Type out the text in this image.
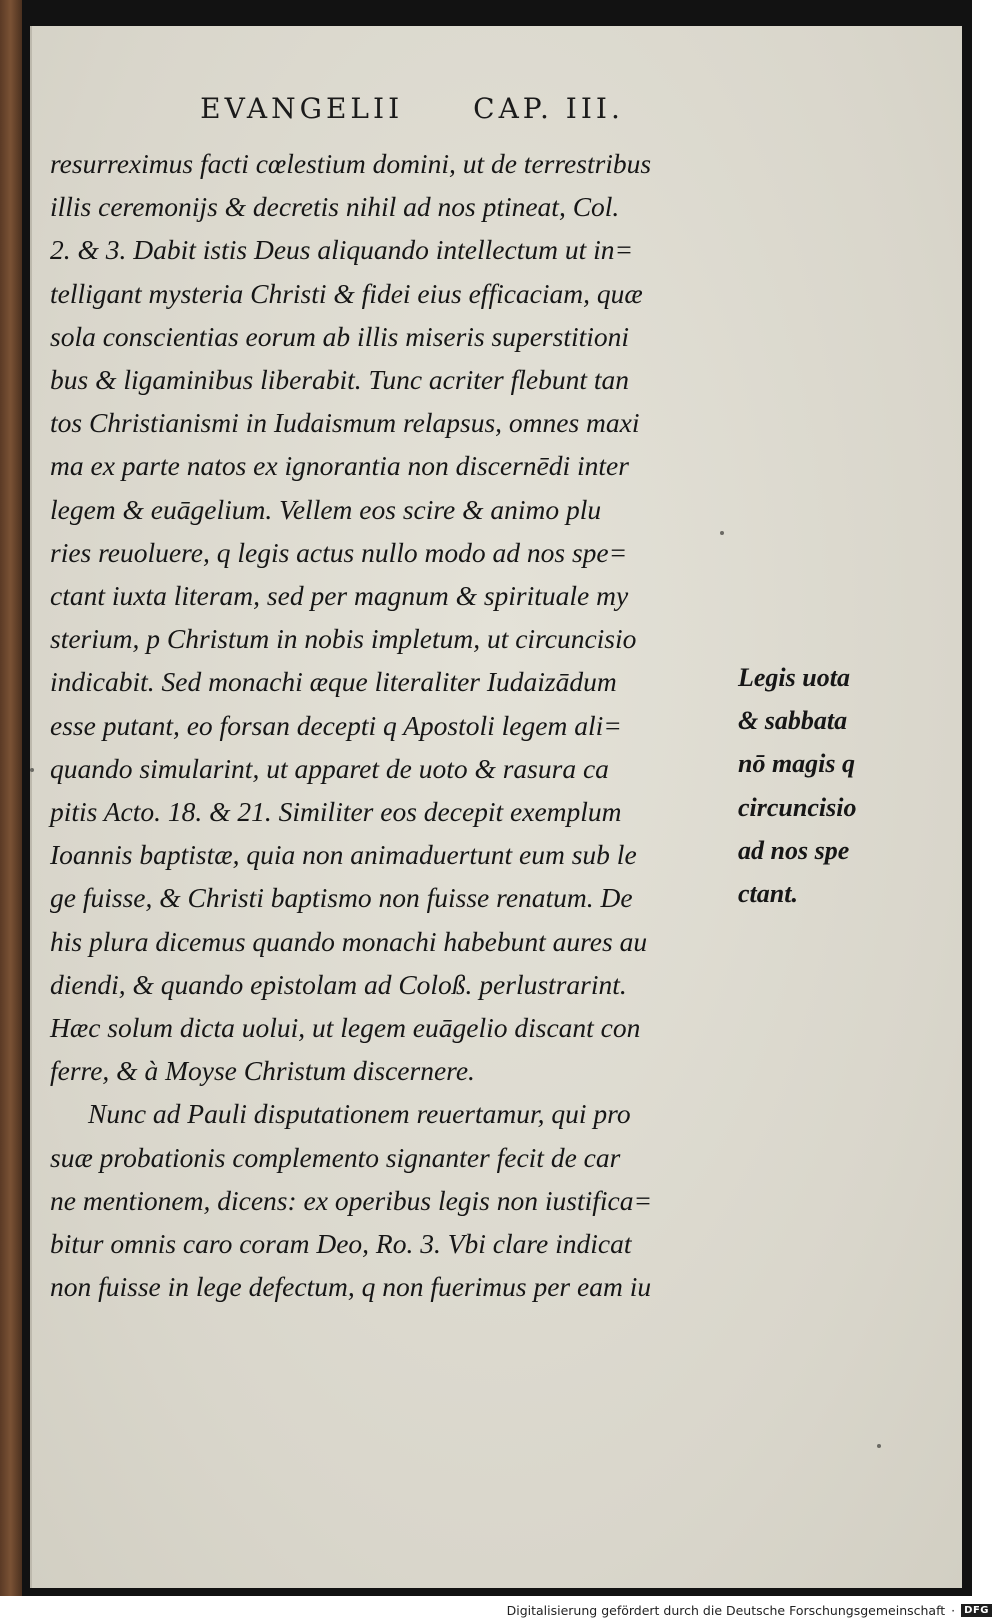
EVANGELII	CAP. III.
resurreximus facti cœlestium domini, ut de terrestribus
illis ceremonijs & decretis nihil ad nos ptineat, Col.
2. & 3. Dabit istis Deus aliquando intellectum ut in=
telligant mysteria Christi & fidei eius efficaciam, quæ
sola conscientias eorum ab illis miseris superstitioni
bus & ligaminibus liberabit. Tunc acriter flebunt tan
tos Christianismi in Iudaismum relapsus, omnes maxi
ma ex parte natos ex ignorantia non discernēdi inter
legem & euāgelium. Vellem eos scire & animo plu
ries reuoluere, q legis actus nullo modo ad nos spe=
ctant iuxta literam, sed per magnum & spirituale my
sterium, p Christum in nobis impletum, ut circuncisio
indicabit. Sed monachi æque literaliter Iudaizādum
esse putant, eo forsan decepti q Apostoli legem ali=
quando simularint, ut apparet de uoto & rasura ca
pitis Acto. 18. & 21. Similiter eos decepit exemplum
Ioannis baptistæ, quia non animaduertunt eum sub le
ge fuisse, & Christi baptismo non fuisse renatum. De
his plura dicemus quando monachi habebunt aures au
diendi, & quando epistolam ad Coloß. perlustrarint.
Hæc solum dicta uolui, ut legem euāgelio discant con
ferre, & à Moyse Christum discernere.
Nunc ad Pauli disputationem reuertamur, qui pro
suæ probationis complemento signanter fecit de car
ne mentionem, dicens: ex operibus legis non iustifica=
bitur omnis caro coram Deo, Ro. 3. Vbi clare indicat
non fuisse in lege defectum, q non fuerimus per eam iu
Legis uota
& sabbata
nō magis q
circuncisio
ad nos spe
ctant.
Digitalisierung gefördert durch die Deutsche Forschungsgemeinschaft · DFG
